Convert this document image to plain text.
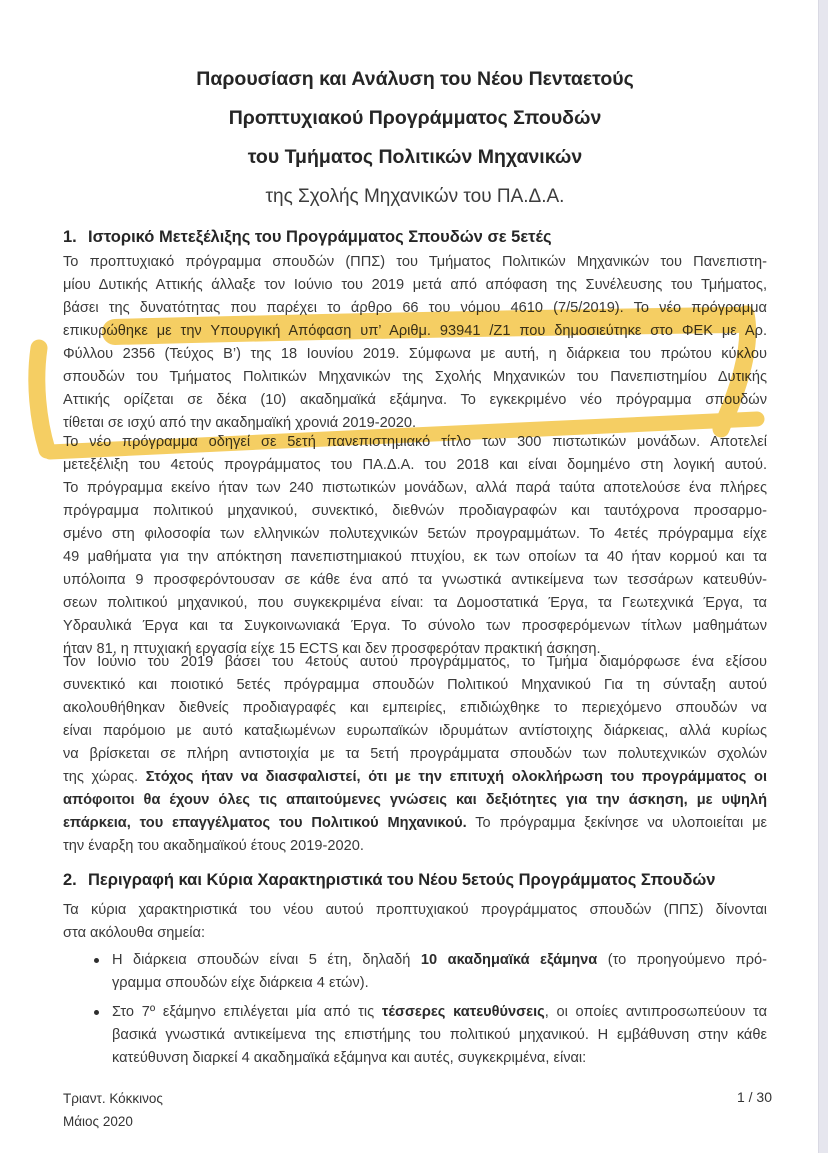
Παρουσίαση και Ανάλυση του Νέου Πενταετούς
Προπτυχιακού Προγράμματος Σπουδών
του Τμήματος Πολιτικών Μηχανικών
της Σχολής Μηχανικών του ΠΑ.Δ.Α.
1. Ιστορικό Μετεξέλιξης του Προγράμματος Σπουδών σε 5ετές
Το προπτυχιακό πρόγραμμα σπουδών (ΠΠΣ) του Τμήματος Πολιτικών Μηχανικών του Πανεπιστη-
μίου Δυτικής Αττικής άλλαξε τον Ιούνιο του 2019 μετά από απόφαση της Συνέλευσης του Τμήματος,
βάσει της δυνατότητας που παρέχει το άρθρο 66 του νόμου 4610 (7/5/2019). Το νέο πρόγραμμα
επικυρώθηκε με την Υπουργική Απόφαση υπ’ Αριθμ. 93941 /Ζ1 που δημοσιεύτηκε στο ΦΕΚ με Αρ.
Φύλλου 2356 (Τεύχος Β’) της 18 Ιουνίου 2019. Σύμφωνα με αυτή, η διάρκεια του πρώτου κύκλου
σπουδών του Τμήματος Πολιτικών Μηχανικών της Σχολής Μηχανικών του Πανεπιστημίου Δυτικής
Αττικής ορίζεται σε δέκα (10) ακαδημαϊκά εξάμηνα. Το εγκεκριμένο νέο πρόγραμμα σπουδών
τίθεται σε ισχύ από την ακαδημαϊκή χρονιά 2019-2020.
Το νέο πρόγραμμα οδηγεί σε 5ετή πανεπιστημιακό τίτλο των 300 πιστωτικών μονάδων. Αποτελεί
μετεξέλιξη του 4ετούς προγράμματος του ΠΑ.Δ.Α. του 2018 και είναι δομημένο στη λογική αυτού.
Το πρόγραμμα εκείνο ήταν των 240 πιστωτικών μονάδων, αλλά παρά ταύτα αποτελούσε ένα πλήρες
πρόγραμμα πολιτικού μηχανικού, συνεκτικό, διεθνών προδιαγραφών και ταυτόχρονα προσαρμο-
σμένο στη φιλοσοφία των ελληνικών πολυτεχνικών 5ετών προγραμμάτων. Το 4ετές πρόγραμμα είχε
49 μαθήματα για την απόκτηση πανεπιστημιακού πτυχίου, εκ των οποίων τα 40 ήταν κορμού και τα
υπόλοιπα 9 προσφερόντουσαν σε κάθε ένα από τα γνωστικά αντικείμενα των τεσσάρων κατευθύν-
σεων πολιτικού μηχανικού, που συγκεκριμένα είναι: τα Δομοστατικά Έργα, τα Γεωτεχνικά Έργα, τα
Υδραυλικά Έργα και τα Συγκοινωνιακά Έργα. Το σύνολο των προσφερόμενων τίτλων μαθημάτων
ήταν 81, η πτυχιακή εργασία είχε 15 ECTS και δεν προσφερόταν πρακτική άσκηση.
Τον Ιούνιο του 2019 βάσει του 4ετούς αυτού προγράμματος, το Τμήμα διαμόρφωσε ένα εξίσου
συνεκτικό και ποιοτικό 5ετές πρόγραμμα σπουδών Πολιτικού Μηχανικού Για τη σύνταξη αυτού
ακολουθήθηκαν διεθνείς προδιαγραφές και εμπειρίες, επιδιώχθηκε το περιεχόμενο σπουδών να
είναι παρόμοιο με αυτό καταξιωμένων ευρωπαϊκών ιδρυμάτων αντίστοιχης διάρκειας, αλλά κυρίως
να βρίσκεται σε πλήρη αντιστοιχία με τα 5ετή προγράμματα σπουδών των πολυτεχνικών σχολών
της χώρας. Στόχος ήταν να διασφαλιστεί, ότι με την επιτυχή ολοκλήρωση του προγράμματος οι
απόφοιτοι θα έχουν όλες τις απαιτούμενες γνώσεις και δεξιότητες για την άσκηση, με υψηλή
επάρκεια, του επαγγέλματος του Πολιτικού Μηχανικού. Το πρόγραμμα ξεκίνησε να υλοποιείται με
την έναρξη του ακαδημαϊκού έτους 2019-2020.
2. Περιγραφή και Κύρια Χαρακτηριστικά του Νέου 5ετούς Προγράμματος Σπουδών
Τα κύρια χαρακτηριστικά του νέου αυτού προπτυχιακού προγράμματος σπουδών (ΠΠΣ) δίνονται
στα ακόλουθα σημεία:
Η διάρκεια σπουδών είναι 5 έτη, δηλαδή 10 ακαδημαϊκά εξάμηνα (το προηγούμενο πρό-
γραμμα σπουδών είχε διάρκεια 4 ετών).
Στο 7º εξάμηνο επιλέγεται μία από τις τέσσερες κατευθύνσεις, οι οποίες αντιπροσωπεύουν τα
βασικά γνωστικά αντικείμενα της επιστήμης του πολιτικού μηχανικού. Η εμβάθυνση στην κάθε
κατεύθυνση διαρκεί 4 ακαδημαϊκά εξάμηνα και αυτές, συγκεκριμένα, είναι:
Τριαντ. Κόκκινος
Μάιος 2020
1 / 30
